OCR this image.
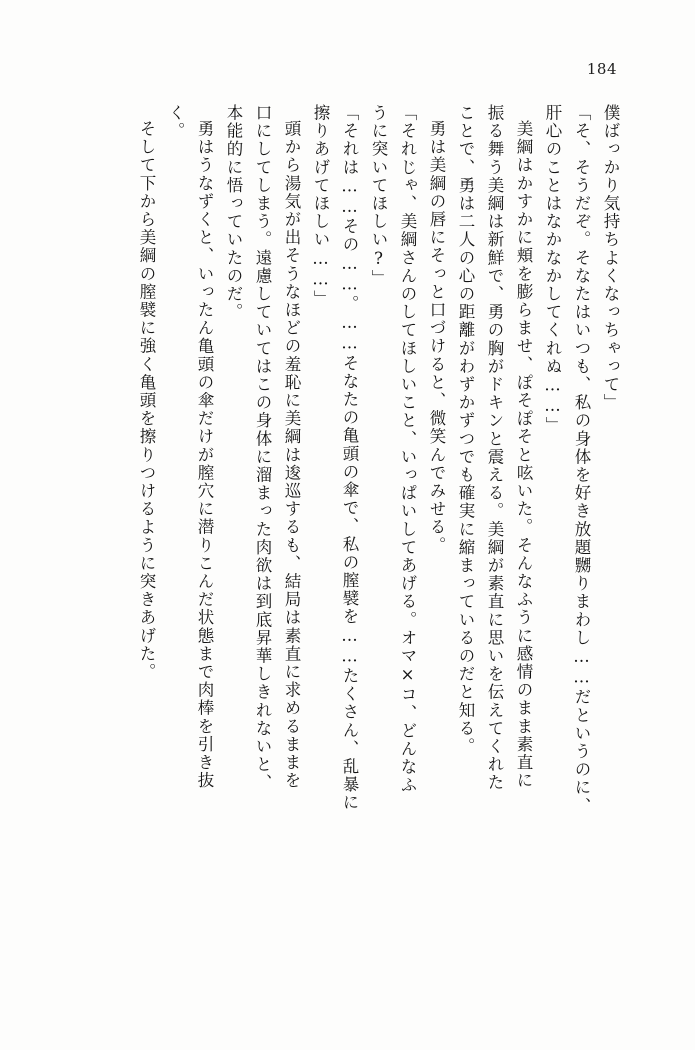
184
僕ばっかり気持ちよくなっちゃって」
「そ、そうだぞ。そなたはいつも、私の身体を好き放題嬲りまわし……だというのに、
肝心のことはなかなかしてくれぬ……」
美綱はかすかに頬を膨らませ、ぽそぽそと呟いた。そんなふうに感情のまま素直に
振る舞う美綱は新鮮で、勇の胸がドキンと震える。美綱が素直に思いを伝えてくれた
ことで、勇は二人の心の距離がわずかずつでも確実に縮まっているのだと知る。
勇は美綱の唇にそっと口づけると、微笑んでみせる。
「それじゃ、美綱さんのしてほしいこと、いっぱいしてあげる。オマ×コ、どんなふ
うに突いてほしい?」
「それは……その……。……そなたの亀頭の傘で、私の膣襞を……たくさん、乱暴に
擦りあげてほしい……」
頭から湯気が出そうなほどの羞恥に美綱は逡巡するも、結局は素直に求めるままを
口にしてしまう。遠慮していてはこの身体に溜まった肉欲は到底昇華しきれないと、
本能的に悟っていたのだ。
勇はうなずくと、いったん亀頭の傘だけが膣穴に潜りこんだ状態まで肉棒を引き抜
く。
そして下から美綱の膣襞に強く亀頭を擦りつけるように突きあげた。
